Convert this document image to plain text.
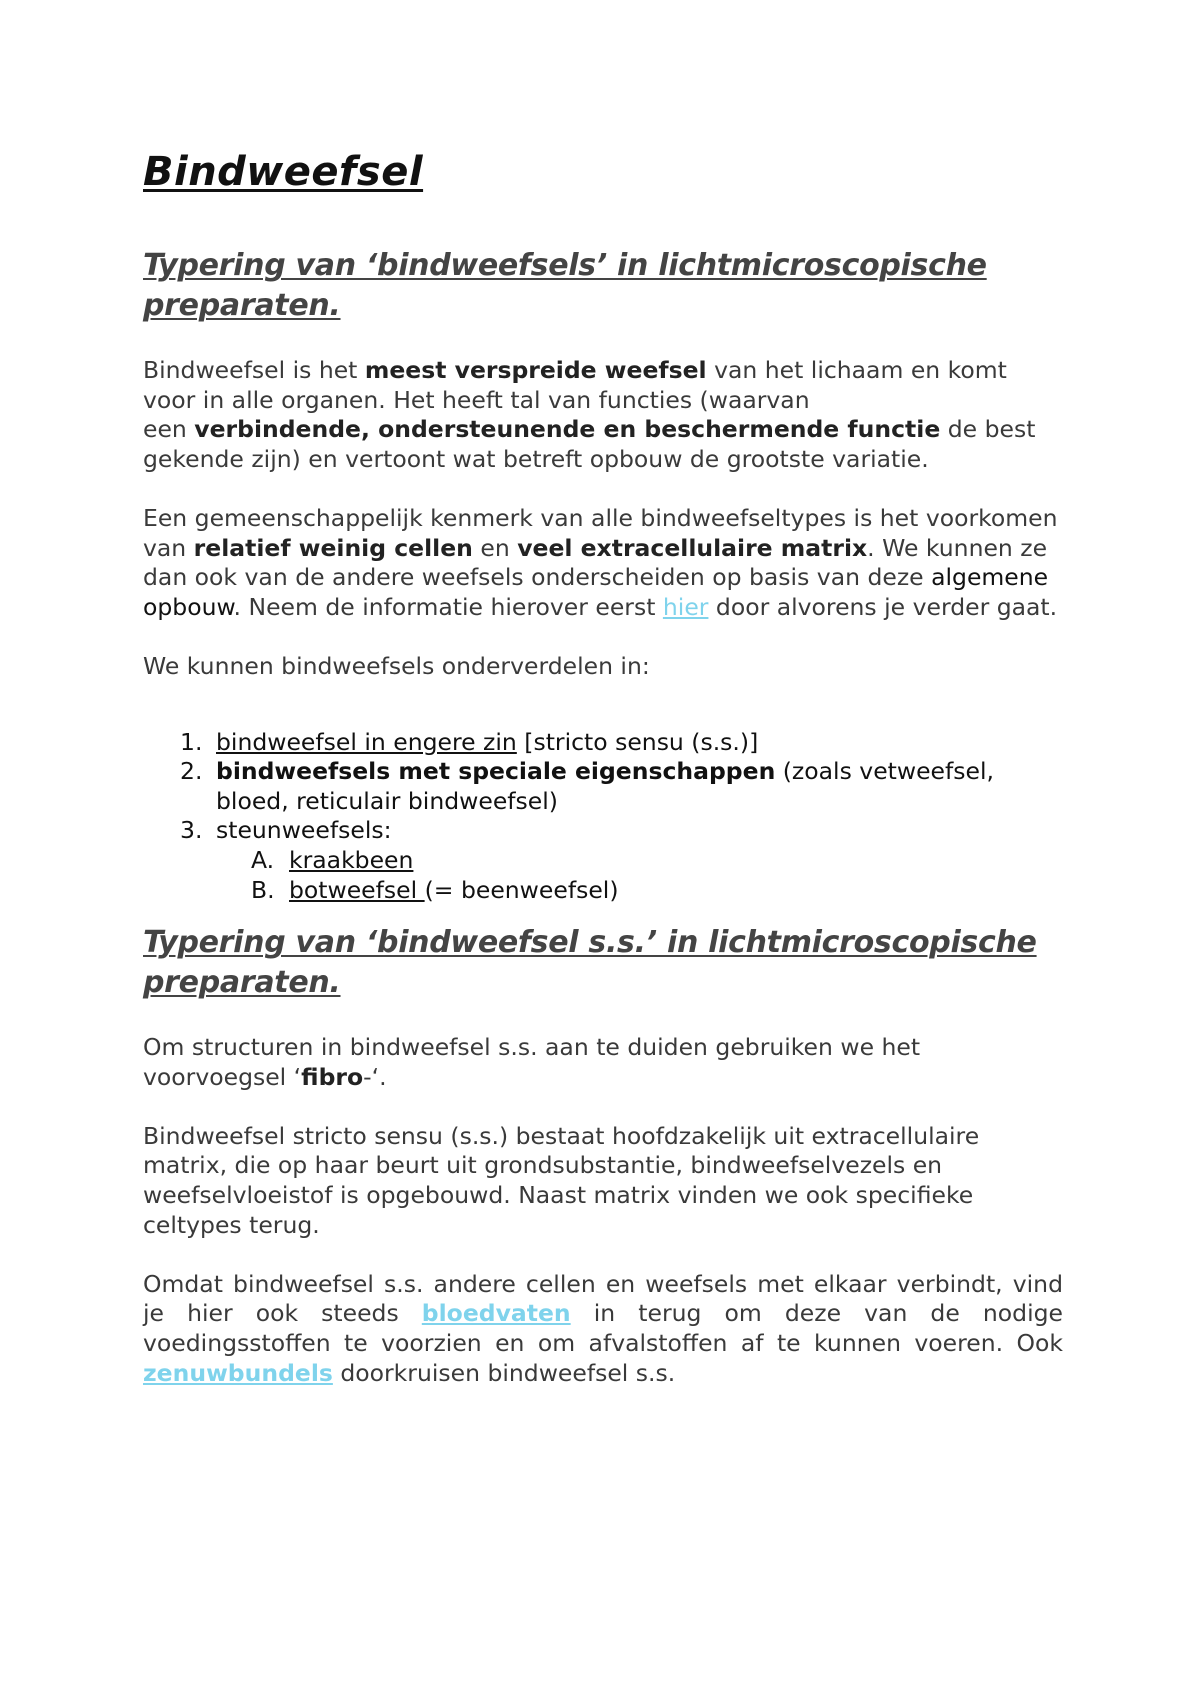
Bindweefsel
Typering van ‘bindweefsels’ in lichtmicroscopische
preparaten.

Bindweefsel is het meest verspreide weefsel van het lichaam en komt voor in alle organen. Het heeft tal van functies (waarvan
een verbindende, ondersteunende en beschermende functie de best gekende zijn) en vertoont wat betreft opbouw de grootste variatie.

Een gemeenschappelijk kenmerk van alle bindweefseltypes is het voorkomen van relatief weinig cellen en veel extracellulaire matrix. We kunnen ze dan ook van de andere weefsels onderscheiden op basis van deze algemene opbouw. Neem de informatie hierover eerst hier door alvorens je verder gaat.

We kunnen bindweefsels onderverdelen in:

1. bindweefsel in engere zin [stricto sensu (s.s.)]
2. bindweefsels met speciale eigenschappen (zoals vetweefsel,
bloed, reticulair bindweefsel)
3. steunweefsels:
A. kraakbeen
B. botweefsel (= beenweefsel)
Typering van ‘bindweefsel s.s.’ in lichtmicroscopische
preparaten.

Om structuren in bindweefsel s.s. aan te duiden gebruiken we het voorvoegsel ‘fibro-‘.

Bindweefsel stricto sensu (s.s.) bestaat hoofdzakelijk uit extracellulaire matrix, die op haar beurt uit grondsubstantie, bindweefselvezels en weefselvloeistof is opgebouwd. Naast matrix vinden we ook specifieke celtypes terug.

Omdat bindweefsel s.s. andere cellen en weefsels met elkaar verbindt, vind je hier ook steeds bloedvaten in terug om deze van de nodige voedingsstoffen te voorzien en om afvalstoffen af te kunnen voeren. Ook zenuwbundels doorkruisen bindweefsel s.s.
